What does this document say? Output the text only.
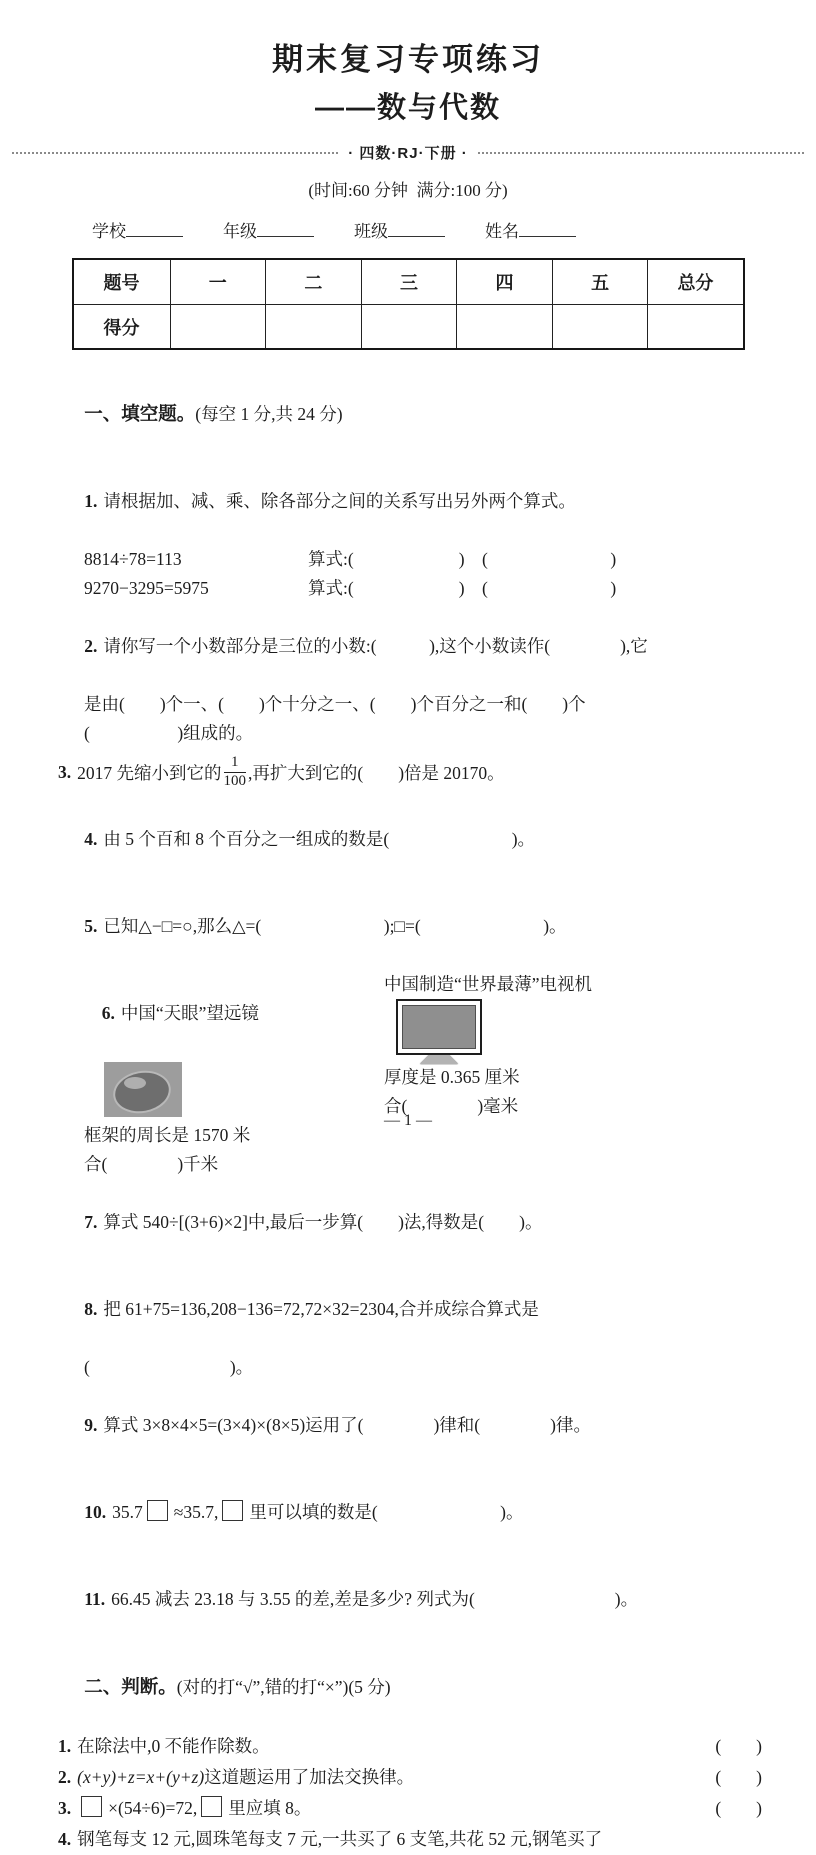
期末复习专项练习
——数与代数
· 四数·RJ·下册 ·
(时间:60 分钟  满分:100 分)
学校	年级	班级	姓名
题号	一	二	三	四	五	总分
得分						

一、填空题。(每空 1 分,共 24 分)

1. 请根据加、减、乘、除各部分之间的关系写出另外两个算式。

8814÷78=113	算式: (　　　　　　)　(　　　　　　　)
9270−3295=5975	算式: (　　　　　　)　(　　　　　　　)

2. 请你写一个小数部分是三位的小数:(　　　),这个小数读作(　　　　),它

是由(　　)个一、(　　)个十分之一、(　　)个百分之一和(　　)个
(　　　　　)组成的。
3. 2017 先缩小到它的 $\frac{1}{100}$ ,再扩大到它的(　　)倍是 20170。

4. 由 5 个百和 8 个百分之一组成的数是(　　　　　　　)。

5. 已知△−□=○,那么△=(　　　　　　　);□=(　　　　　　　)。

6. 中国“天眼”望远镜

框架的周长是 1570 米
合(　　　　)千米
中国制造“世界最薄”电视机
厚度是 0.365 厘米
合(　　　　)毫米

7. 算式 540÷[(3+6)×2]中,最后一步算(　　)法,得数是(　　)。

8. 把 61+75=136,208−136=72,72×32=2304,合并成综合算式是

(　　　　　　　　)。

9. 算式 3×8×4×5=(3×4)×(8×5)运用了(　　　　)律和(　　　　)律。

10. 35.7 ≈35.7, 里可以填的数是(　　　　　　　)。

11. 66.45 减去 23.18 与 3.55 的差,差是多少? 列式为(　　　　　　　　)。

二、判断。(对的打“√”,错的打“×”)(5 分)

1. 在除法中,0 不能作除数。	(　　)
2. (x+y)+z=x+(y+z)这道题运用了加法交换律。	(　　)
3. ×(54÷6)=72, 里应填 8。	(　　)
4. 钢笔每支 12 元,圆珠笔每支 7 元,一共买了 6 支笔,共花 52 元,钢笔买了
— 1 —
